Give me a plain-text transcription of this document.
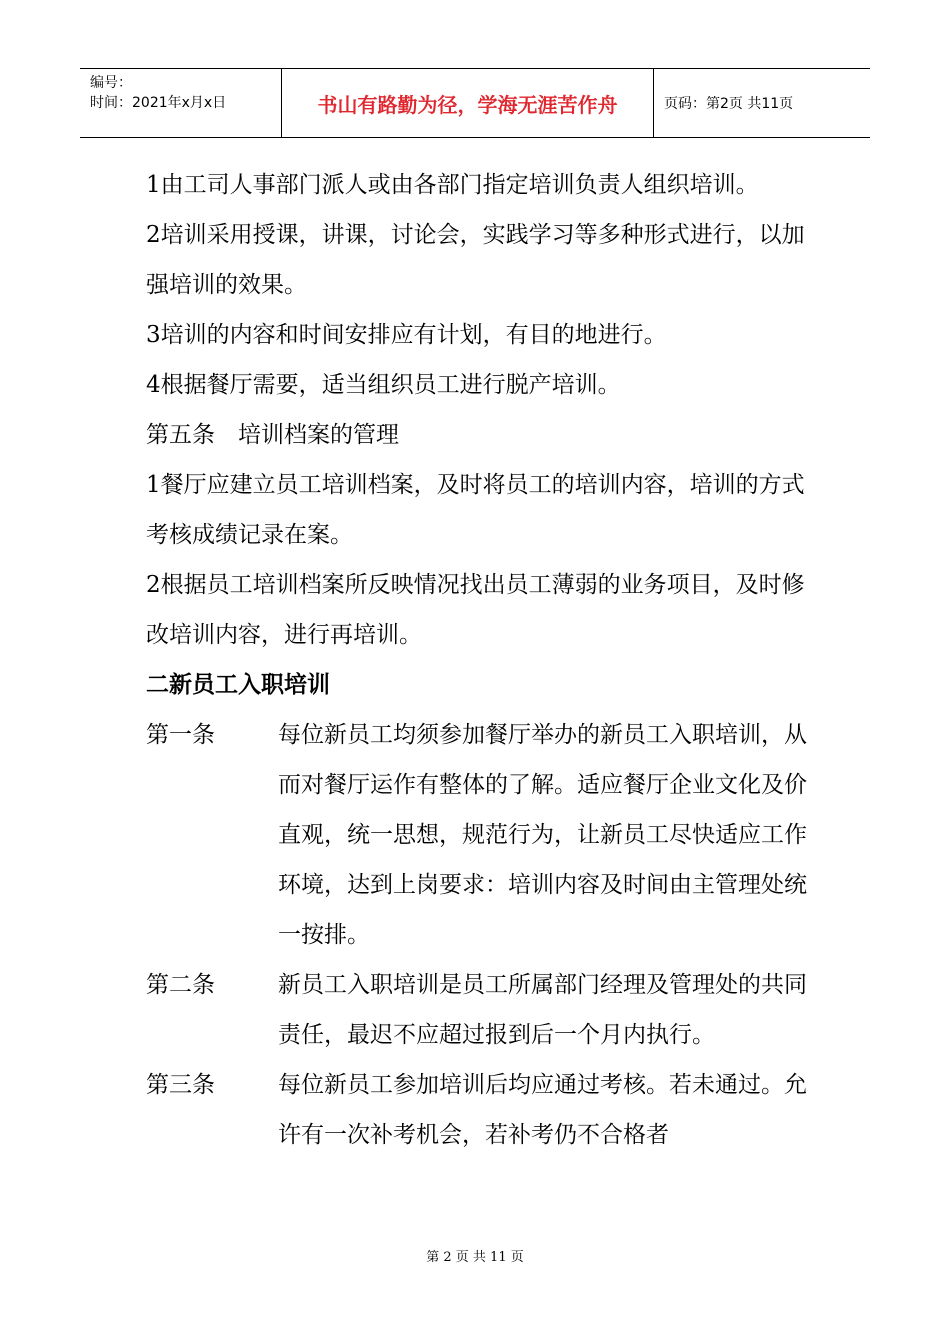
编号：
时间：2021年x月x日	书山有路勤为径，学海无涯苦作舟	页码：第2页 共11页

1由工司人事部门派人或由各部门指定培训负责人组织培训。

2培训采用授课，讲课，讨论会，实践学习等多种形式进行，以加强培训的效果。

3培训的内容和时间安排应有计划，有目的地进行。

4根据餐厅需要，适当组织员工进行脱产培训。

第五条　培训档案的管理

1餐厅应建立员工培训档案，及时将员工的培训内容，培训的方式考核成绩记录在案。

2根据员工培训档案所反映情况找出员工薄弱的业务项目，及时修改培训内容，进行再培训。

二新员工入职培训

第一条	每位新员工均须参加餐厅举办的新员工入职培训，从而对餐厅运作有整体的了解。适应餐厅企业文化及价直观，统一思想，规范行为，让新员工尽快适应工作环境，达到上岗要求：培训内容及时间由主管理处统一按排。
第二条	新员工入职培训是员工所属部门经理及管理处的共同责任，最迟不应超过报到后一个月内执行。
第三条	每位新员工参加培训后均应通过考核。若未通过。允许有一次补考机会，若补考仍不合格者
第 2 页 共 11 页
